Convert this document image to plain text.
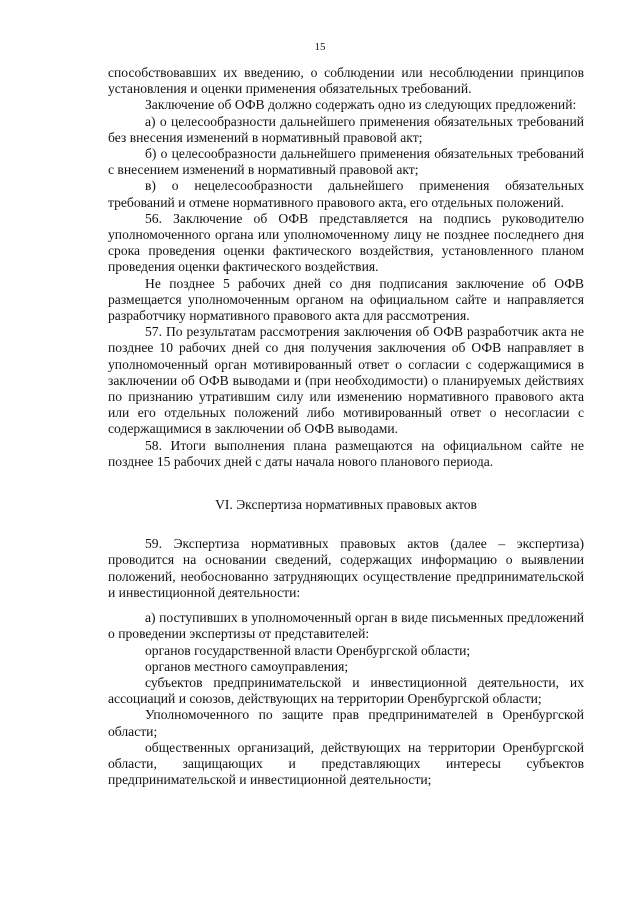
15

способствовавших их введению, о соблюдении или несоблюдении принципов установления и оценки применения обязательных требований.

Заключение об ОФВ должно содержать одно из следующих предложений:

а) о целесообразности дальнейшего применения обязательных требований без внесения изменений в нормативный правовой акт;

б) о целесообразности дальнейшего применения обязательных требований с внесением изменений в нормативный правовой акт;

в) о нецелесообразности дальнейшего применения обязательных требований и отмене нормативного правового акта, его отдельных положений.

56. Заключение об ОФВ представляется на подпись руководителю уполномоченного органа или уполномоченному лицу не позднее последнего дня срока проведения оценки фактического воздействия, установленного планом проведения оценки фактического воздействия.

Не позднее 5 рабочих дней со дня подписания заключение об ОФВ размещается уполномоченным органом на официальном сайте и направляется разработчику нормативного правового акта для рассмотрения.

57. По результатам рассмотрения заключения об ОФВ разработчик акта не позднее 10 рабочих дней со дня получения заключения об ОФВ направляет в уполномоченный орган мотивированный ответ о согласии с содержащимися в заключении об ОФВ выводами и (при необходимости) о планируемых действиях по признанию утратившим силу или изменению нормативного правового акта или его отдельных положений либо мотивированный ответ о несогласии с содержащимися в заключении об ОФВ выводами.

58. Итоги выполнения плана размещаются на официальном сайте не позднее 15 рабочих дней с даты начала нового планового периода.

VI. Экспертиза нормативных правовых актов

59. Экспертиза нормативных правовых актов (далее – экспертиза) проводится на основании сведений, содержащих информацию о выявлении положений, необоснованно затрудняющих осуществление предпринимательской и инвестиционной деятельности:

а) поступивших в уполномоченный орган в виде письменных предложений о проведении экспертизы от представителей:

органов государственной власти Оренбургской области;

органов местного самоуправления;

субъектов предпринимательской и инвестиционной деятельности, их ассоциаций и союзов, действующих на территории Оренбургской области;

Уполномоченного по защите прав предпринимателей в Оренбургской области;

общественных организаций, действующих на территории Оренбургской области, защищающих и представляющих интересы субъектов предпринимательской и инвестиционной деятельности;
